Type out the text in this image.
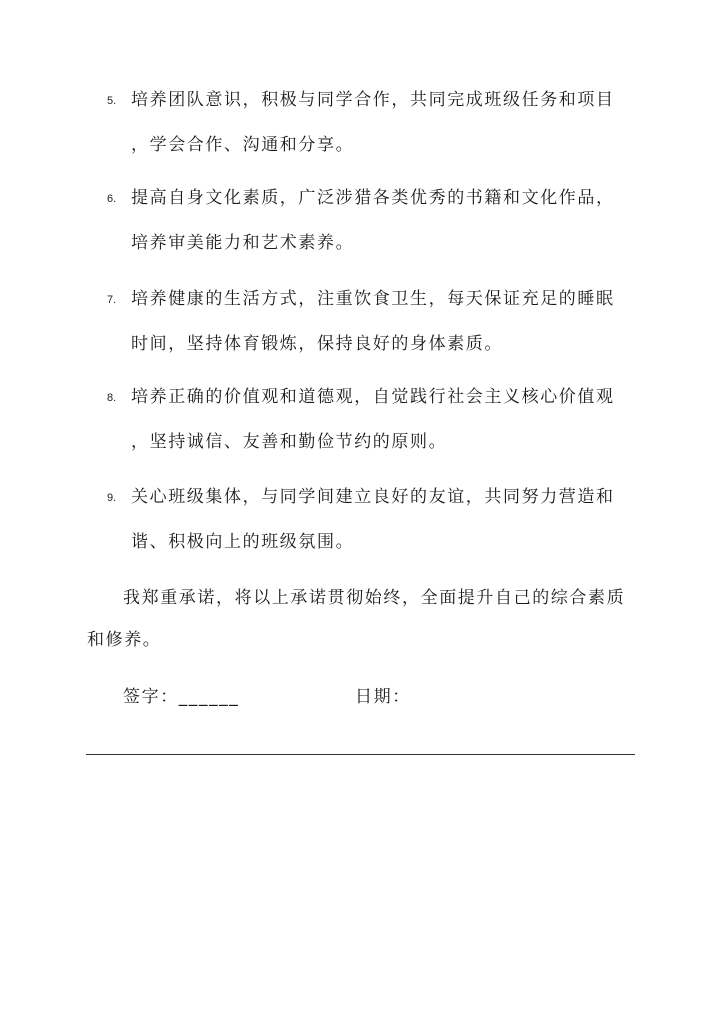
5. 培养团队意识，积极与同学合作，共同完成班级任务和项目
，学会合作、沟通和分享。
6. 提高自身文化素质，广泛涉猎各类优秀的书籍和文化作品，
培养审美能力和艺术素养。
7. 培养健康的生活方式，注重饮食卫生，每天保证充足的睡眠
时间，坚持体育锻炼，保持良好的身体素质。
8. 培养正确的价值观和道德观，自觉践行社会主义核心价值观
，坚持诚信、友善和勤俭节约的原则。
9. 关心班级集体，与同学间建立良好的友谊，共同努力营造和
谐、积极向上的班级氛围。
我郑重承诺，将以上承诺贯彻始终，全面提升自己的综合素质
和修养。
签字：______	日期：
